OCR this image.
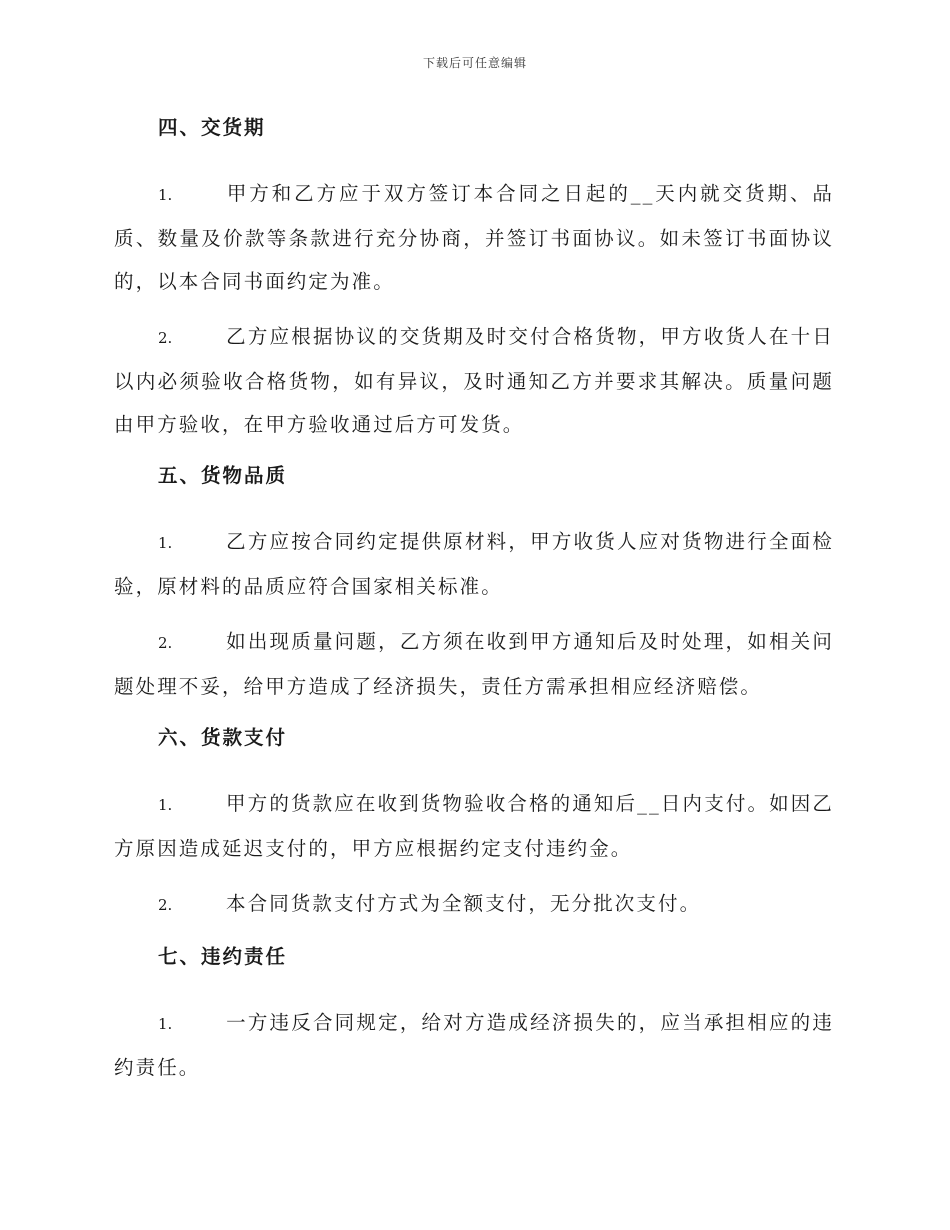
下载后可任意编辑
四、交货期

1.	甲方和乙方应于双方签订本合同之日起的__天内就交货期、品质、数量及价款等条款进行充分协商，并签订书面协议。如未签订书面协议的，以本合同书面约定为准。

2.	乙方应根据协议的交货期及时交付合格货物，甲方收货人在十日以内必须验收合格货物，如有异议，及时通知乙方并要求其解决。质量问题由甲方验收，在甲方验收通过后方可发货。

五、货物品质

1.	乙方应按合同约定提供原材料，甲方收货人应对货物进行全面检验，原材料的品质应符合国家相关标准。

2.	如出现质量问题，乙方须在收到甲方通知后及时处理，如相关问题处理不妥，给甲方造成了经济损失，责任方需承担相应经济赔偿。

六、货款支付

1.	甲方的货款应在收到货物验收合格的通知后__日内支付。如因乙方原因造成延迟支付的，甲方应根据约定支付违约金。

2.	本合同货款支付方式为全额支付，无分批次支付。

七、违约责任

1.	一方违反合同规定，给对方造成经济损失的，应当承担相应的违约责任。
